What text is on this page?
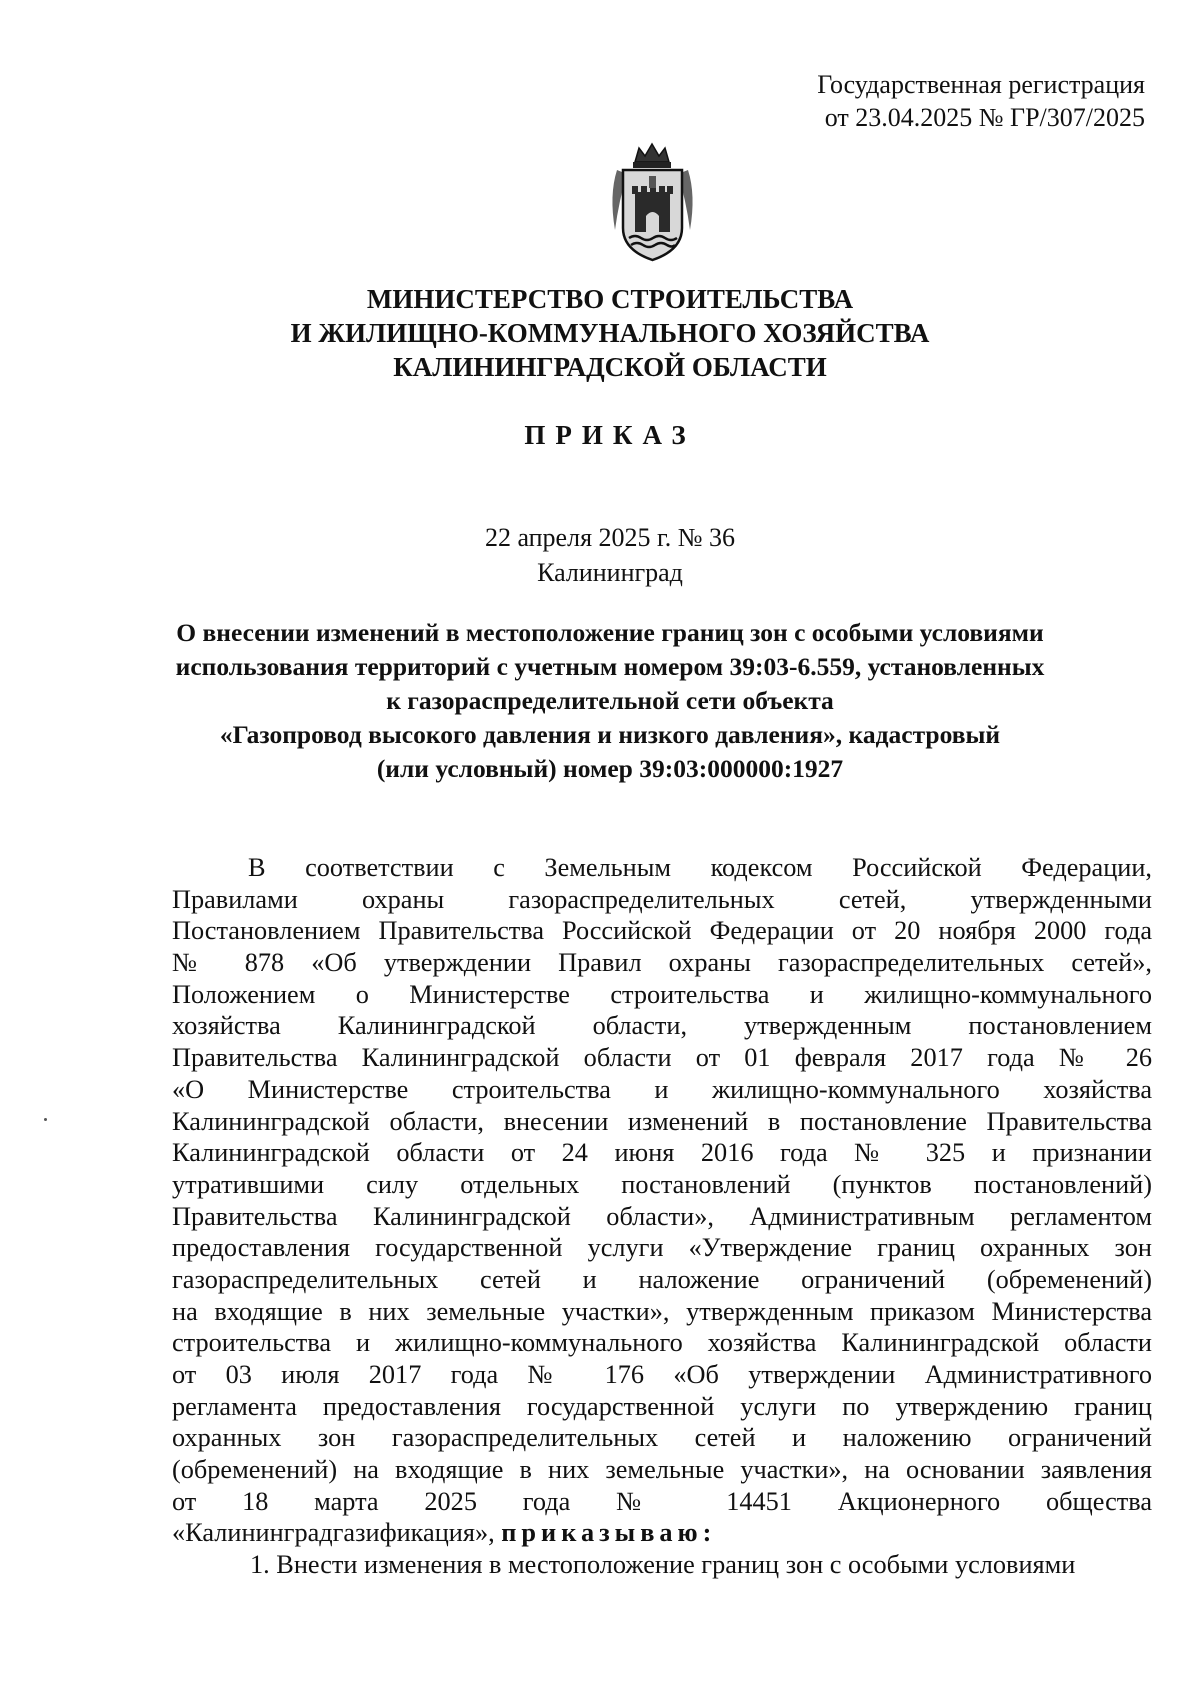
Государственная регистрация
от 23.04.2025 № ГР/307/2025
МИНИСТЕРСТВО СТРОИТЕЛЬСТВА
И ЖИЛИЩНО-КОММУНАЛЬНОГО ХОЗЯЙСТВА
КАЛИНИНГРАДСКОЙ ОБЛАСТИ
ПРИКАЗ
22 апреля 2025 г. № 36
Калининград
О внесении изменений в местоположение границ зон с особыми условиями
использования территорий с учетным номером 39:03-6.559, установленных
к газораспределительной сети объекта
«Газопровод высокого давления и низкого давления», кадастровый
(или условный) номер 39:03:000000:1927
В соответствии с Земельным кодексом Российской Федерации,
Правилами охраны газораспределительных сетей, утвержденными
Постановлением Правительства Российской Федерации от 20 ноября 2000 года
№ 878 «Об утверждении Правил охраны газораспределительных сетей»,
Положением о Министерстве строительства и жилищно-коммунального
хозяйства Калининградской области, утвержденным постановлением
Правительства Калининградской области от 01 февраля 2017 года № 26
«О Министерстве строительства и жилищно-коммунального хозяйства
Калининградской области, внесении изменений в постановление Правительства
Калининградской области от 24 июня 2016 года № 325 и признании
утратившими силу отдельных постановлений (пунктов постановлений)
Правительства Калининградской области», Административным регламентом
предоставления государственной услуги «Утверждение границ охранных зон
газораспределительных сетей и наложение ограничений (обременений)
на входящие в них земельные участки», утвержденным приказом Министерства
строительства и жилищно-коммунального хозяйства Калининградской области
от 03 июля 2017 года № 176 «Об утверждении Административного
регламента предоставления государственной услуги по утверждению границ
охранных зон газораспределительных сетей и наложению ограничений
(обременений) на входящие в них земельные участки», на основании заявления
от 18 марта 2025 года № 14451 Акционерного общества
«Калининградгазификация», приказываю:
1. Внести изменения в местоположение границ зон с особыми условиями
